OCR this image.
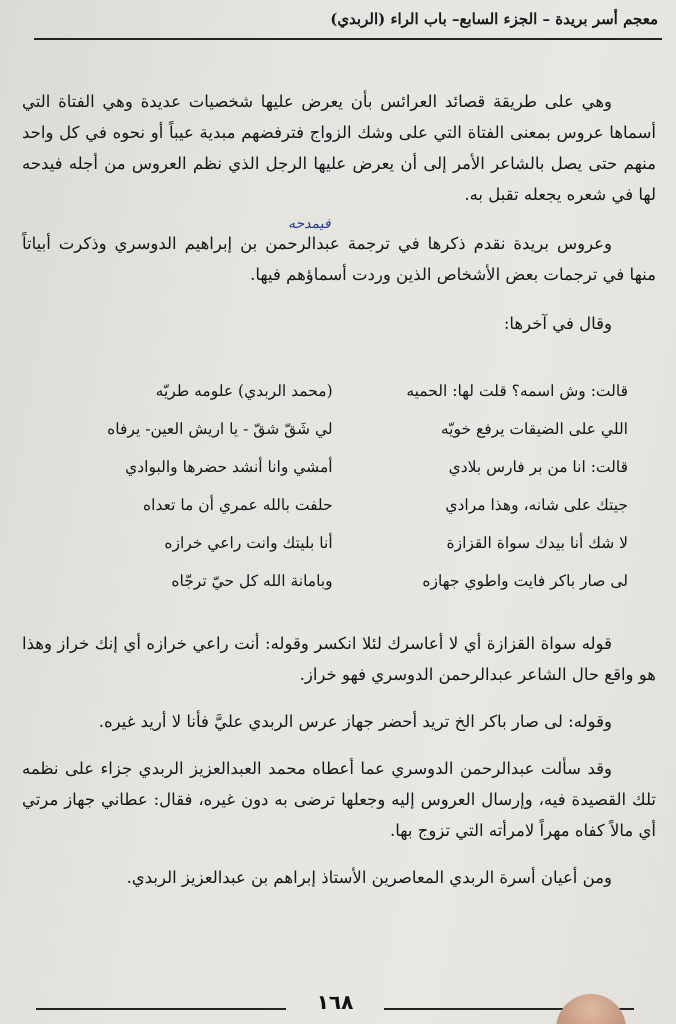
معجم أسر بريدة – الجزء السابع– باب الراء (الربدي)

وهي على طريقة قصائد العرائس بأن يعرض عليها شخصيات عديدة وهي الفتاة التي أسماها عروس بمعنى الفتاة التي على وشك الزواج فترفضهم مبدية عيباً أو نحوه في كل واحد منهم حتى يصل بالشاعر الأمر إلى أن يعرض عليها الرجل الذي نظم العروس من أجله فيدحه لها في شعره يجعله تقبل به.

وعروس بريدة نقدم ذكرها في ترجمة عبدالرحمن بن إبراهيم الدوسري وذكرت أبياتاً منها في ترجمات بعض الأشخاص الذين وردت أسماؤهم فيها.

وقال في آخرها:

فيمدحه
قالت: وش اسمه؟ قلت لها: الحميه
(محمد الربدي) علومه طريّه
اللي على الضيقات يرفع خويّه
لي شَقّ شقّ - يا اريش العين- يرفاه
قالت: انا من بر فارس بلادي
أمشي وانا أنشد حضرها والبوادي
جيتك على شانه، وهذا مرادي
حلفت بالله عمري أن ما تعداه
لا شك أنا بيدك سواة القزازة
أنا بليتك وانت راعي خرازه
لى صار باكر فايت واطوي جهازه
وبامانة الله كل حيّ ترجّاه

قوله سواة القزازة أي لا أعاسرك لئلا انكسر وقوله: أنت راعي خرازه أي إنك خراز وهذا هو واقع حال الشاعر عبدالرحمن الدوسري فهو خراز.

وقوله: لى صار باكر الخ تريد أحضر جهاز عرس الربدي عليَّ فأنا لا أريد غيره.

وقد سألت عبدالرحمن الدوسري عما أعطاه محمد العبدالعزيز الربدي جزاء على نظمه تلك القصيدة فيه، وإرسال العروس إليه وجعلها ترضى به دون غيره، فقال: عطاني جهاز مرتي أي مالاً كفاه مهراً لامرأته التي تزوج بها.

ومن أعيان أسرة الربدي المعاصرين الأستاذ إبراهم بن عبدالعزيز الربدي.

١٦٨
